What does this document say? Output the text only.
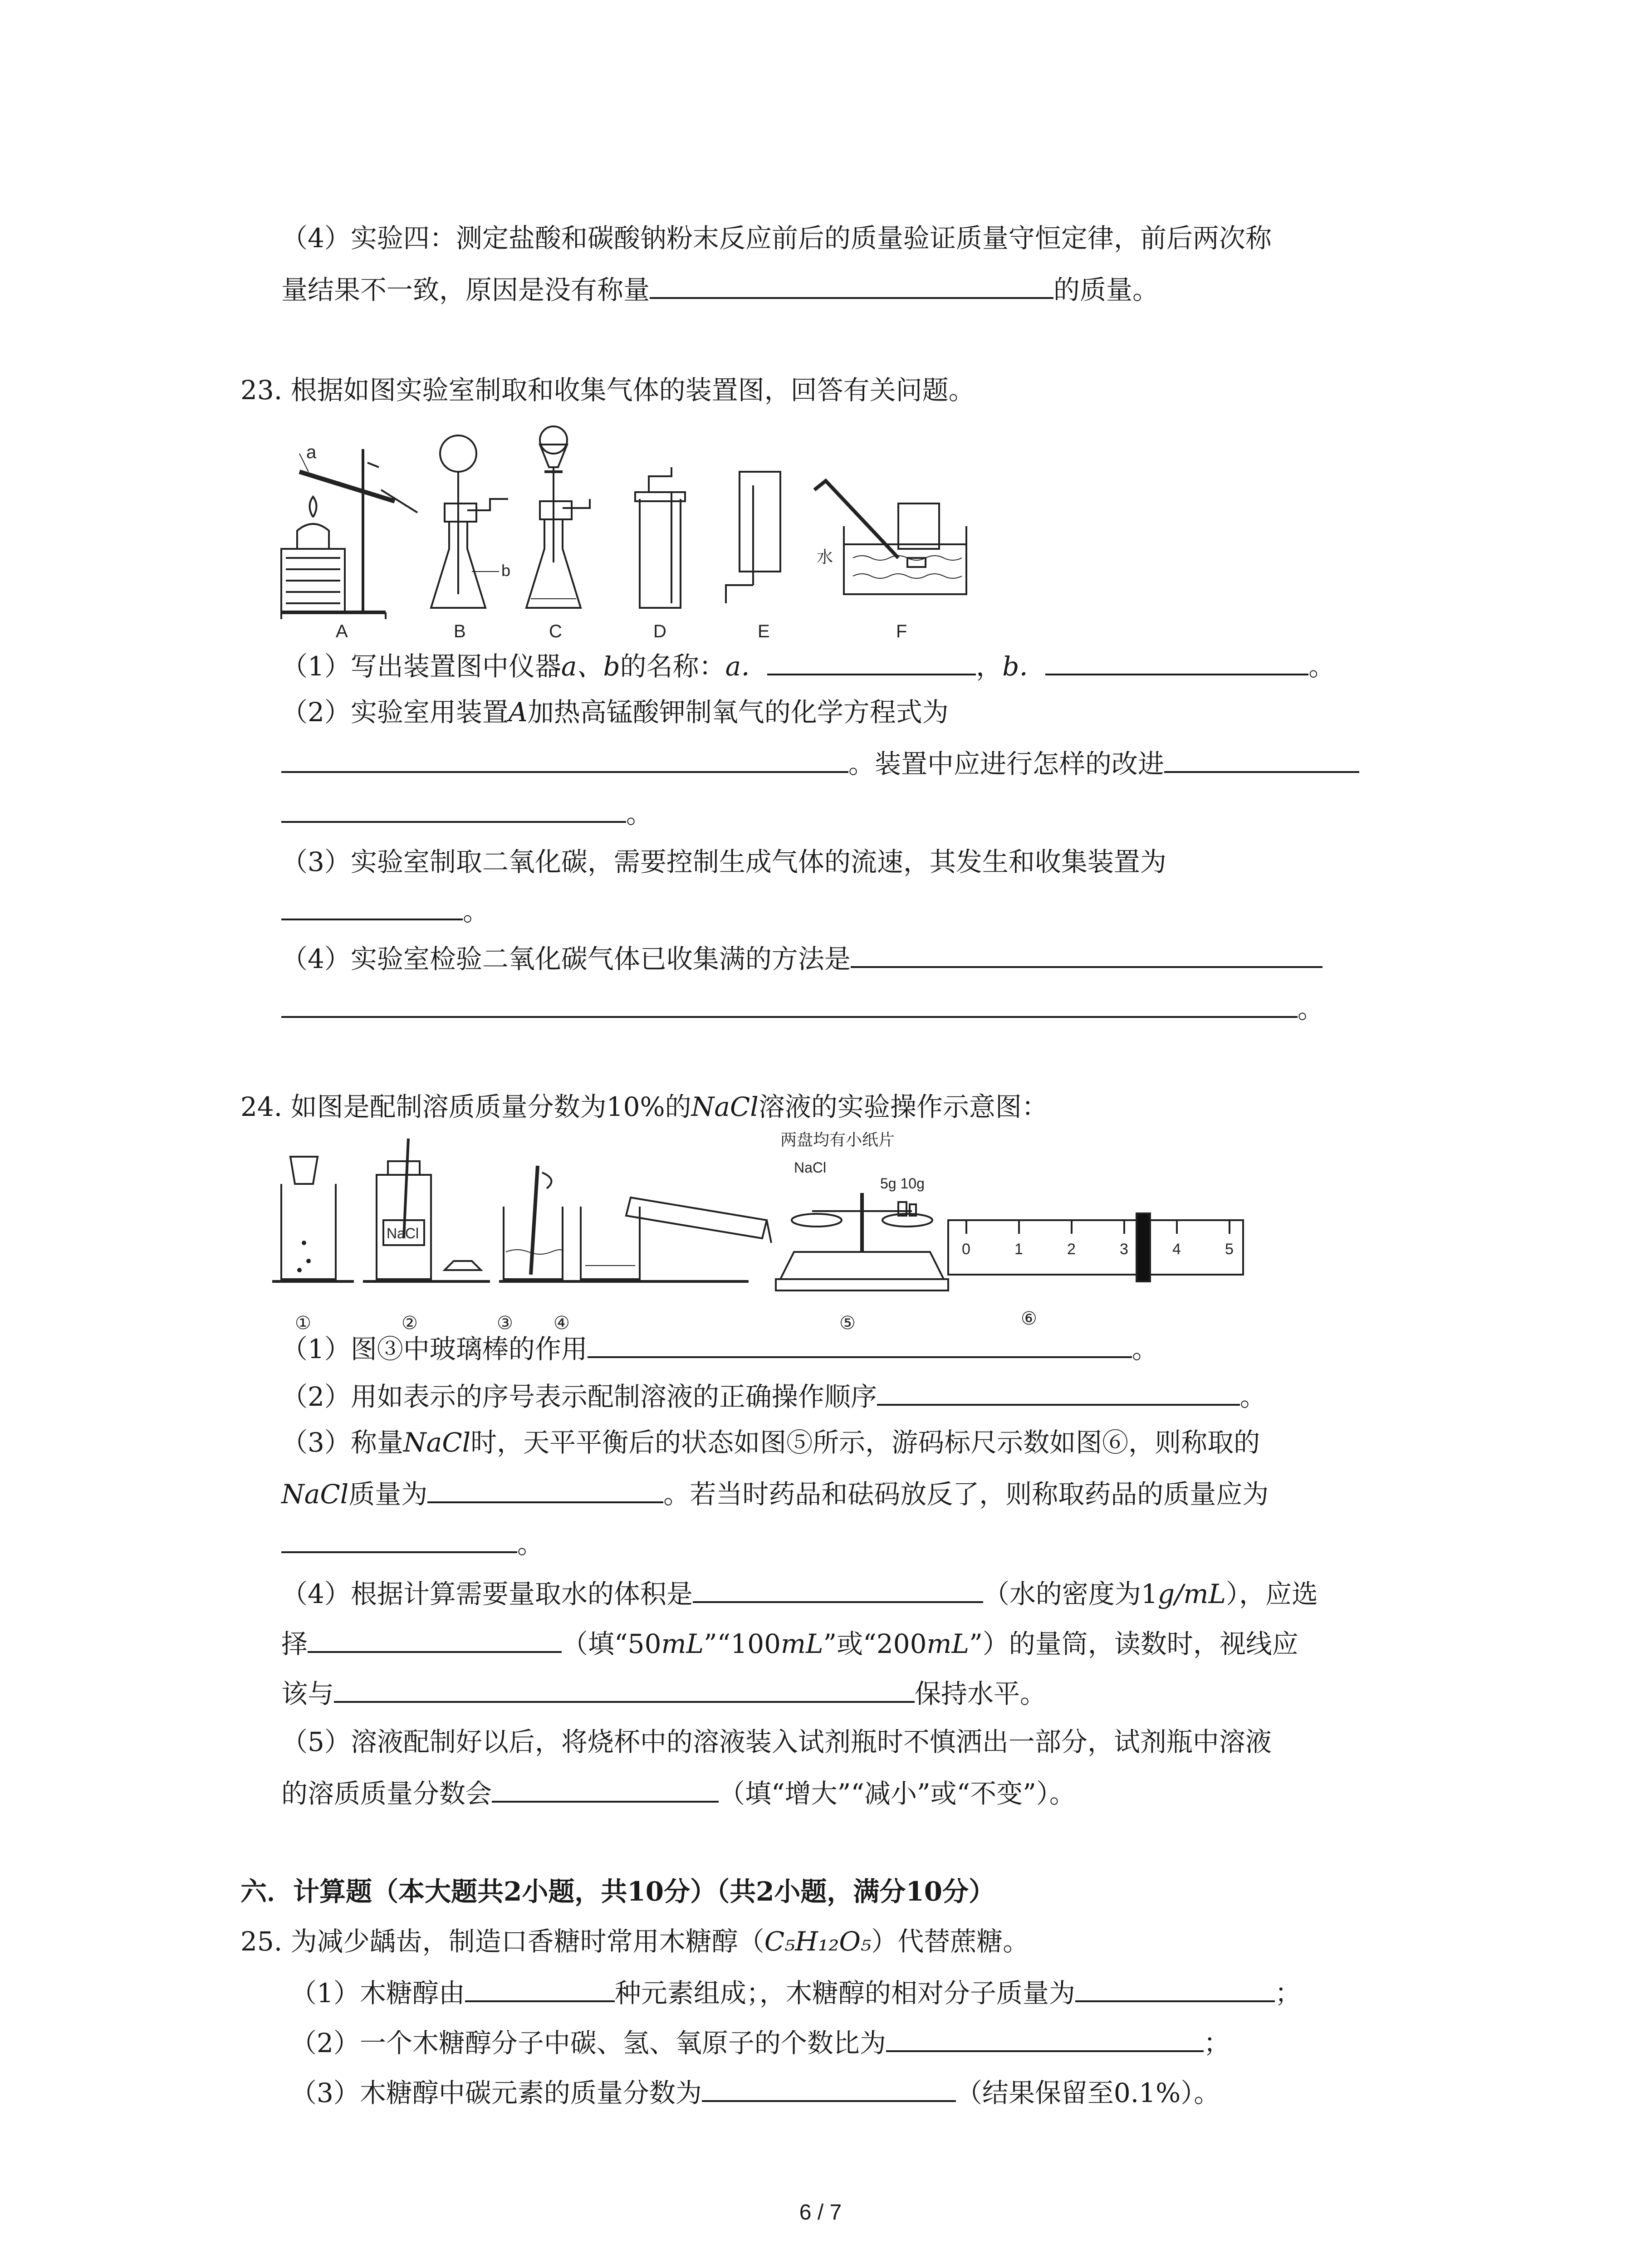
（4）实验四：测定盐酸和碳酸钠粉末反应前后的质量验证质量守恒定律，前后两次称
量结果不一致，原因是没有称量	的质量。
23. 根据如图实验室制取和收集气体的装置图，回答有关问题。
a
A
b
B	C	D	E
水
F
（1）写出装置图中仪器a、b的名称：a．	，b．	。
（2）实验室用装置A加热高锰酸钾制氧气的化学方程式为
。装置中应进行怎样的改进
。
（3）实验室制取二氧化碳，需要控制生成气体的流速，其发生和收集装置为
。
（4）实验室检验二氧化碳气体已收集满的方法是
。
24. 如图是配制溶质质量分数为10%的NaCl溶液的实验操作示意图：
NaCl
两盘均有小纸片
NaCl
5g 10g
0	1	2	3	4	5
①	②	③ ④	⑤	⑥
（1）图③中玻璃棒的作用	。
（2）用如表示的序号表示配制溶液的正确操作顺序	。
（3）称量NaCl时，天平平衡后的状态如图⑤所示，游码标尺示数如图⑥，则称取的
NaCl质量为	。若当时药品和砝码放反了，则称取药品的质量应为
。
（4）根据计算需要量取水的体积是	（水的密度为1g/mL），应选
择	（填“50mL”“100mL”或“200mL”）的量筒，读数时，视线应
该与	保持水平。
（5）溶液配制好以后，将烧杯中的溶液装入试剂瓶时不慎洒出一部分，试剂瓶中溶液
的溶质质量分数会	（填“增大”“减小”或“不变”）。
六．计算题（本大题共2小题，共10分）（共2小题，满分10分）
25. 为减少龋齿，制造口香糖时常用木糖醇（C₅H₁₂O₅）代替蔗糖。
（1）木糖醇由	种元素组成；，木糖醇的相对分子质量为	；
（2）一个木糖醇分子中碳、氢、氧原子的个数比为	；
（3）木糖醇中碳元素的质量分数为	（结果保留至0.1%）。
6 / 7
